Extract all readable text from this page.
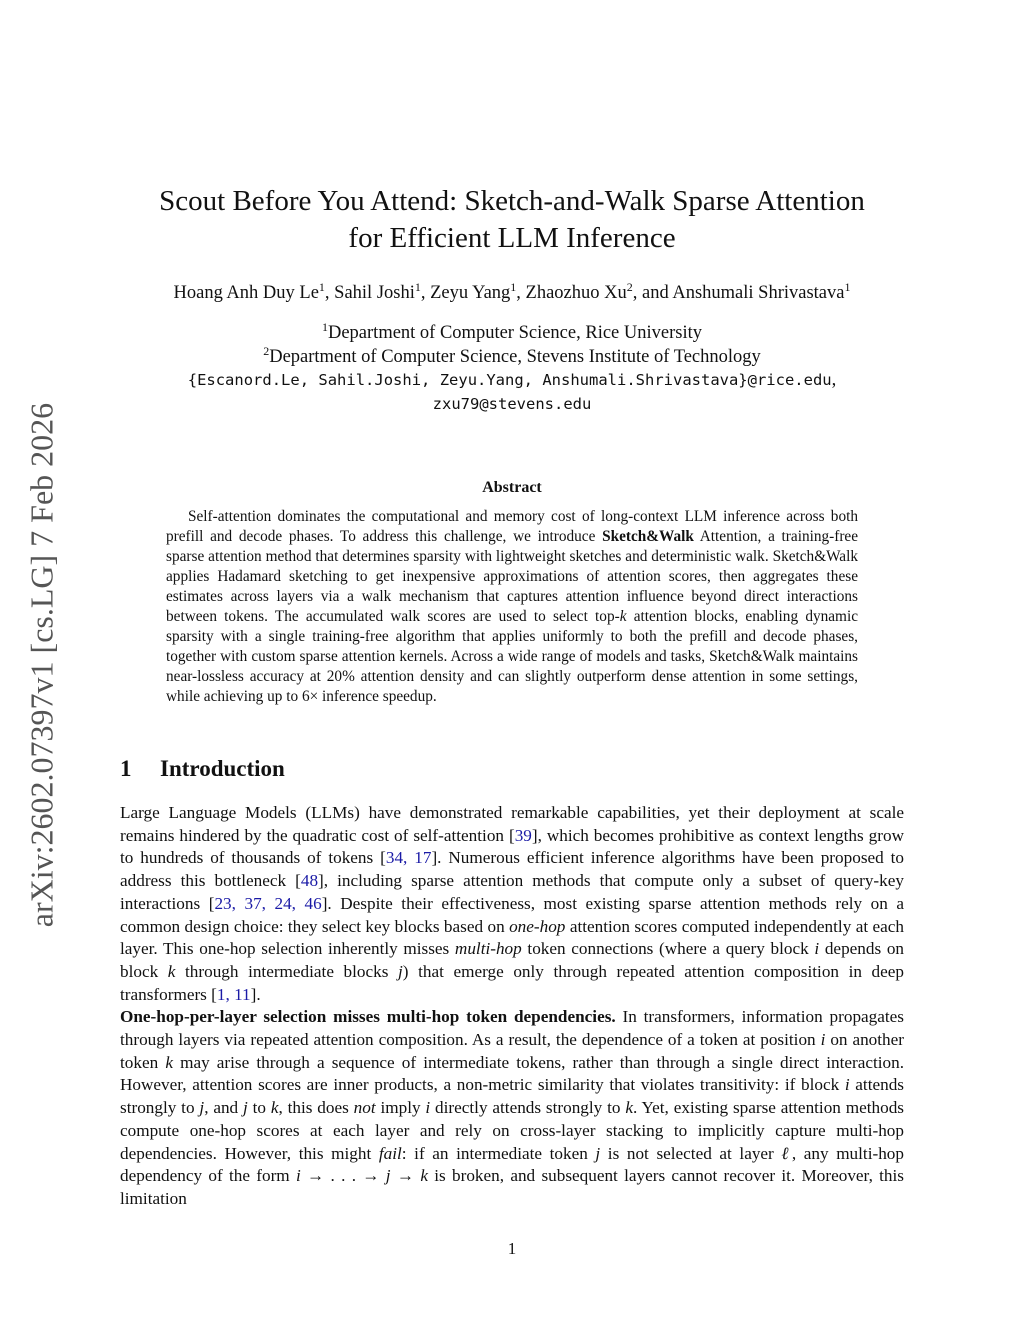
arXiv:2602.07397v1 [cs.LG] 7 Feb 2026
Scout Before You Attend: Sketch-and-Walk Sparse Attention
for Efficient LLM Inference
Hoang Anh Duy Le$^1$, Sahil Joshi$^1$, Zeyu Yang$^1$, Zhaozhuo Xu$^2$, and Anshumali Shrivastava$^1$
$^1$Department of Computer Science, Rice University
$^2$Department of Computer Science, Stevens Institute of Technology
{Escanord.Le, Sahil.Joshi, Zeyu.Yang, Anshumali.Shrivastava}@rice.edu,
zxu79@stevens.edu
Abstract
Self-attention dominates the computational and memory cost of long-context LLM inference across both prefill and decode phases. To address this challenge, we introduce Sketch&Walk Attention, a training-free sparse attention method that determines sparsity with lightweight sketches and deterministic walk. Sketch&Walk applies Hadamard sketching to get inexpensive approximations of attention scores, then aggregates these estimates across layers via a walk mechanism that captures attention influence beyond direct interactions between tokens. The accumulated walk scores are used to select top-k attention blocks, enabling dynamic sparsity with a single training-free algorithm that applies uniformly to both the prefill and decode phases, together with custom sparse attention kernels. Across a wide range of models and tasks, Sketch&Walk maintains near-lossless accuracy at 20% attention density and can slightly outperform dense attention in some settings, while achieving up to 6× inference speedup.
1 Introduction

Large Language Models (LLMs) have demonstrated remarkable capabilities, yet their deployment at scale remains hindered by the quadratic cost of self-attention [39], which becomes prohibitive as context lengths grow to hundreds of thousands of tokens [34, 17]. Numerous efficient inference algorithms have been proposed to address this bottleneck [48], including sparse attention methods that compute only a subset of query-key interactions [23, 37, 24, 46]. Despite their effectiveness, most existing sparse attention methods rely on a common design choice: they select key blocks based on one-hop attention scores computed independently at each layer. This one-hop selection inherently misses multi-hop token connections (where a query block i depends on block k through intermediate blocks j) that emerge only through repeated attention composition in deep transformers [1, 11].

One-hop-per-layer selection misses multi-hop token dependencies. In transformers, information propagates through layers via repeated attention composition. As a result, the dependence of a token at position i on another token k may arise through a sequence of intermediate tokens, rather than through a single direct interaction. However, attention scores are inner products, a non-metric similarity that violates transitivity: if block i attends strongly to j, and j to k, this does not imply i directly attends strongly to k. Yet, existing sparse attention methods compute one-hop scores at each layer and rely on cross-layer stacking to implicitly capture multi-hop dependencies. However, this might fail: if an intermediate token j is not selected at layer ℓ, any multi-hop dependency of the form i → . . . → j → k is broken, and subsequent layers cannot recover it. Moreover, this limitation

1
